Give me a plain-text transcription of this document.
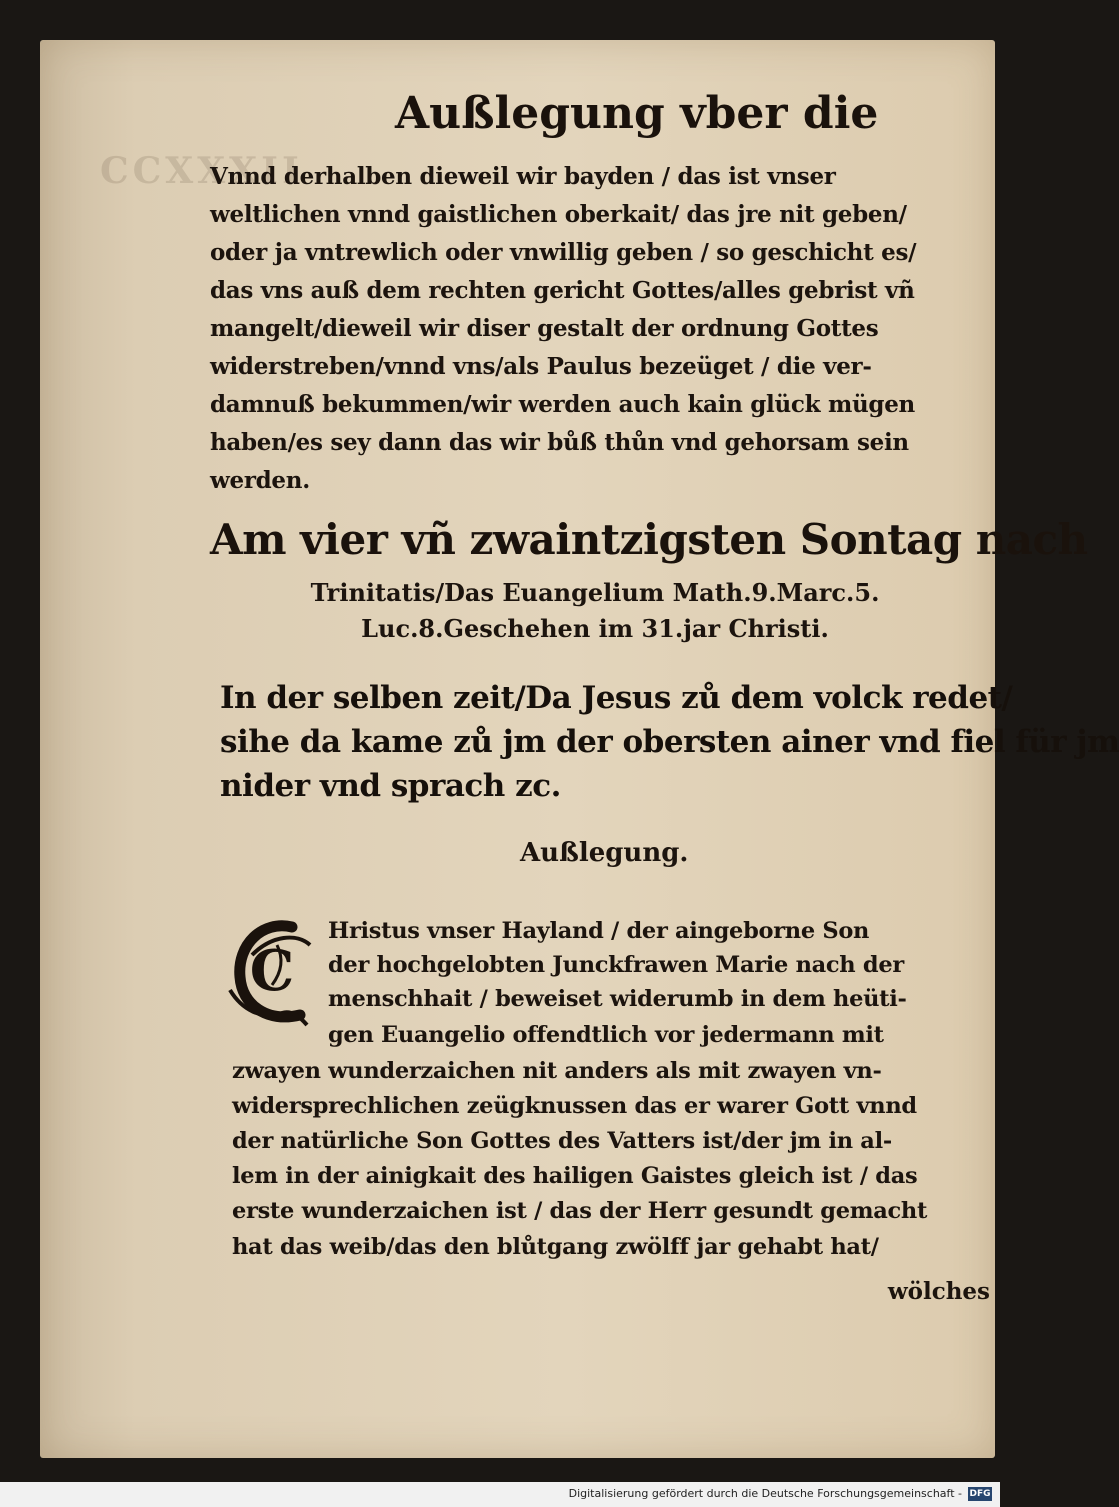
CCXXXII
Außlegung vber die
Vnnd derhalben dieweil wir bayden / das ist vnser
weltlichen vnnd gaistlichen oberkait/ das jre nit geben/
oder ja vntrewlich oder vnwillig geben / so geschicht es/
das vns auß dem rechten gericht Gottes/alles gebrist vñ
mangelt/dieweil wir diser gestalt der ordnung Gottes
widerstreben/vnnd vns/als Paulus bezeüget / die ver-
damnuß bekummen/wir werden auch kain glück mügen
haben/es sey dann das wir bůß thůn vnd gehorsam sein
werden.
Am vier vñ zwaintzigsten Sontag nach
Trinitatis/Das Euangelium Math.9.Marc.5.
Luc.8.Geschehen im 31.jar Christi.
In der selben zeit/Da Jesus zů dem volck redet/
sihe da kame zů jm der obersten ainer vnd fiel für jm
nider vnd sprach zc.
Außlegung.
C
Hristus vnser Hayland / der aingeborne Son
der hochgelobten Junckfrawen Marie nach der
menschhait / beweiset widerumb in dem heüti-
gen Euangelio offendtlich vor jedermann mit
zwayen wunderzaichen nit anders als mit zwayen vn-
widersprechlichen zeügknussen das er warer Gott vnnd
der natürliche Son Gottes des Vatters ist/der jm in al-
lem in der ainigkait des hailigen Gaistes gleich ist / das
erste wunderzaichen ist / das der Herr gesundt gemacht
hat das weib/das den blůtgang zwölff jar gehabt hat/
wölches
Digitalisierung gefördert durch die Deutsche Forschungsgemeinschaft - DFG
